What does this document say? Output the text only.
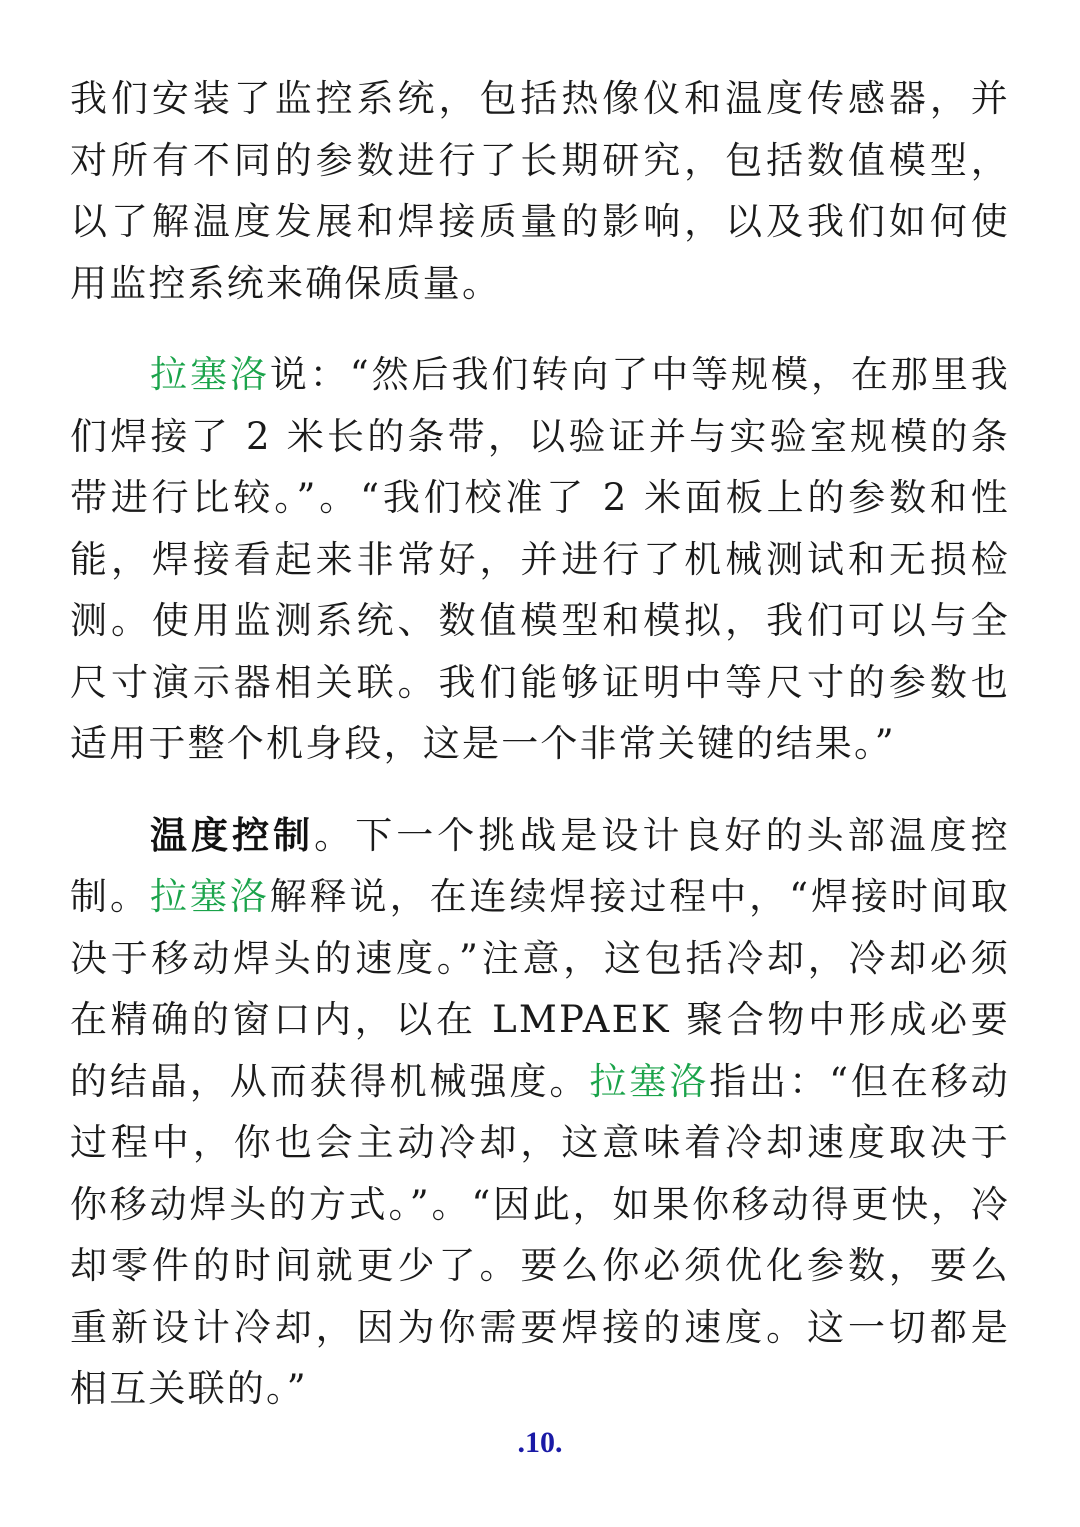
我们安装了监控系统，包括热像仪和温度传感器，并对所有不同的参数进行了长期研究，包括数值模型，以了解温度发展和焊接质量的影响，以及我们如何使用监控系统来确保质量。

拉塞洛说：“然后我们转向了中等规模，在那里我们焊接了 2 米长的条带，以验证并与实验室规模的条带进行比较。”。“我们校准了 2 米面板上的参数和性能，焊接看起来非常好，并进行了机械测试和无损检测。使用监测系统、数值模型和模拟，我们可以与全尺寸演示器相关联。我们能够证明中等尺寸的参数也适用于整个机身段，这是一个非常关键的结果。”

温度控制。下一个挑战是设计良好的头部温度控制。拉塞洛解释说，在连续焊接过程中，“焊接时间取决于移动焊头的速度。”注意，这包括冷却，冷却必须在精确的窗口内，以在 LMPAEK 聚合物中形成必要的结晶，从而获得机械强度。拉塞洛指出：“但在移动过程中，你也会主动冷却，这意味着冷却速度取决于你移动焊头的方式。”。“因此，如果你移动得更快，冷却零件的时间就更少了。要么你必须优化参数，要么重新设计冷却，因为你需要焊接的速度。这一切都是相互关联的。”

.10.
